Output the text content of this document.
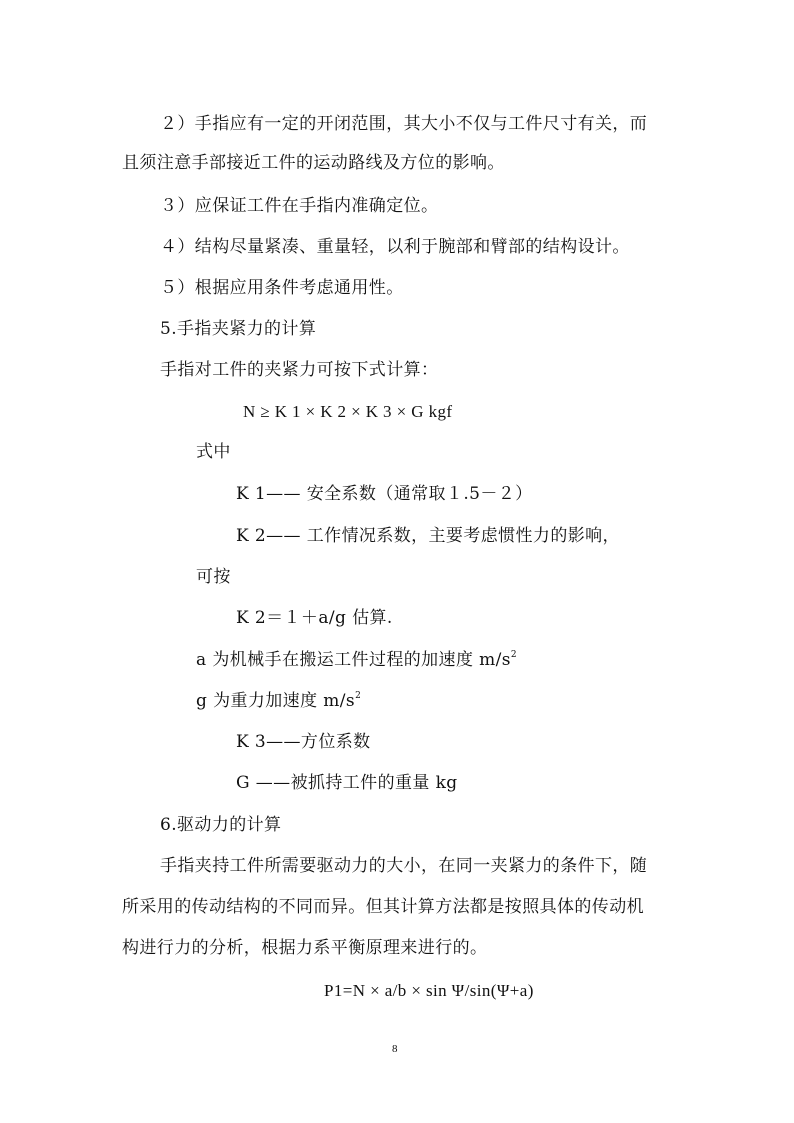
２）手指应有一定的开闭范围，其大小不仅与工件尺寸有关，而
且须注意手部接近工件的运动路线及方位的影响。
３）应保证工件在手指内准确定位。
４）结构尽量紧凑、重量轻，以利于腕部和臂部的结构设计。
５）根据应用条件考虑通用性。
5.手指夹紧力的计算
手指对工件的夹紧力可按下式计算：
N ≥ K 1 × K 2 × K 3 × G kgf
式中
K 1—— 安全系数（通常取１.5－２）
K 2—— 工作情况系数，主要考虑惯性力的影响，
可按
K 2＝１＋a/g 估算.
a 为机械手在搬运工件过程的加速度 $m/s^2$
g 为重力加速度 $m/s^2$
K 3——方位系数
G ——被抓持工件的重量 kg
6.驱动力的计算
手指夹持工件所需要驱动力的大小，在同一夹紧力的条件下，随
所采用的传动结构的不同而异。但其计算方法都是按照具体的传动机
构进行力的分析，根据力系平衡原理来进行的。
P1=N × a/b × sin Ψ/sin(Ψ+a)
8
